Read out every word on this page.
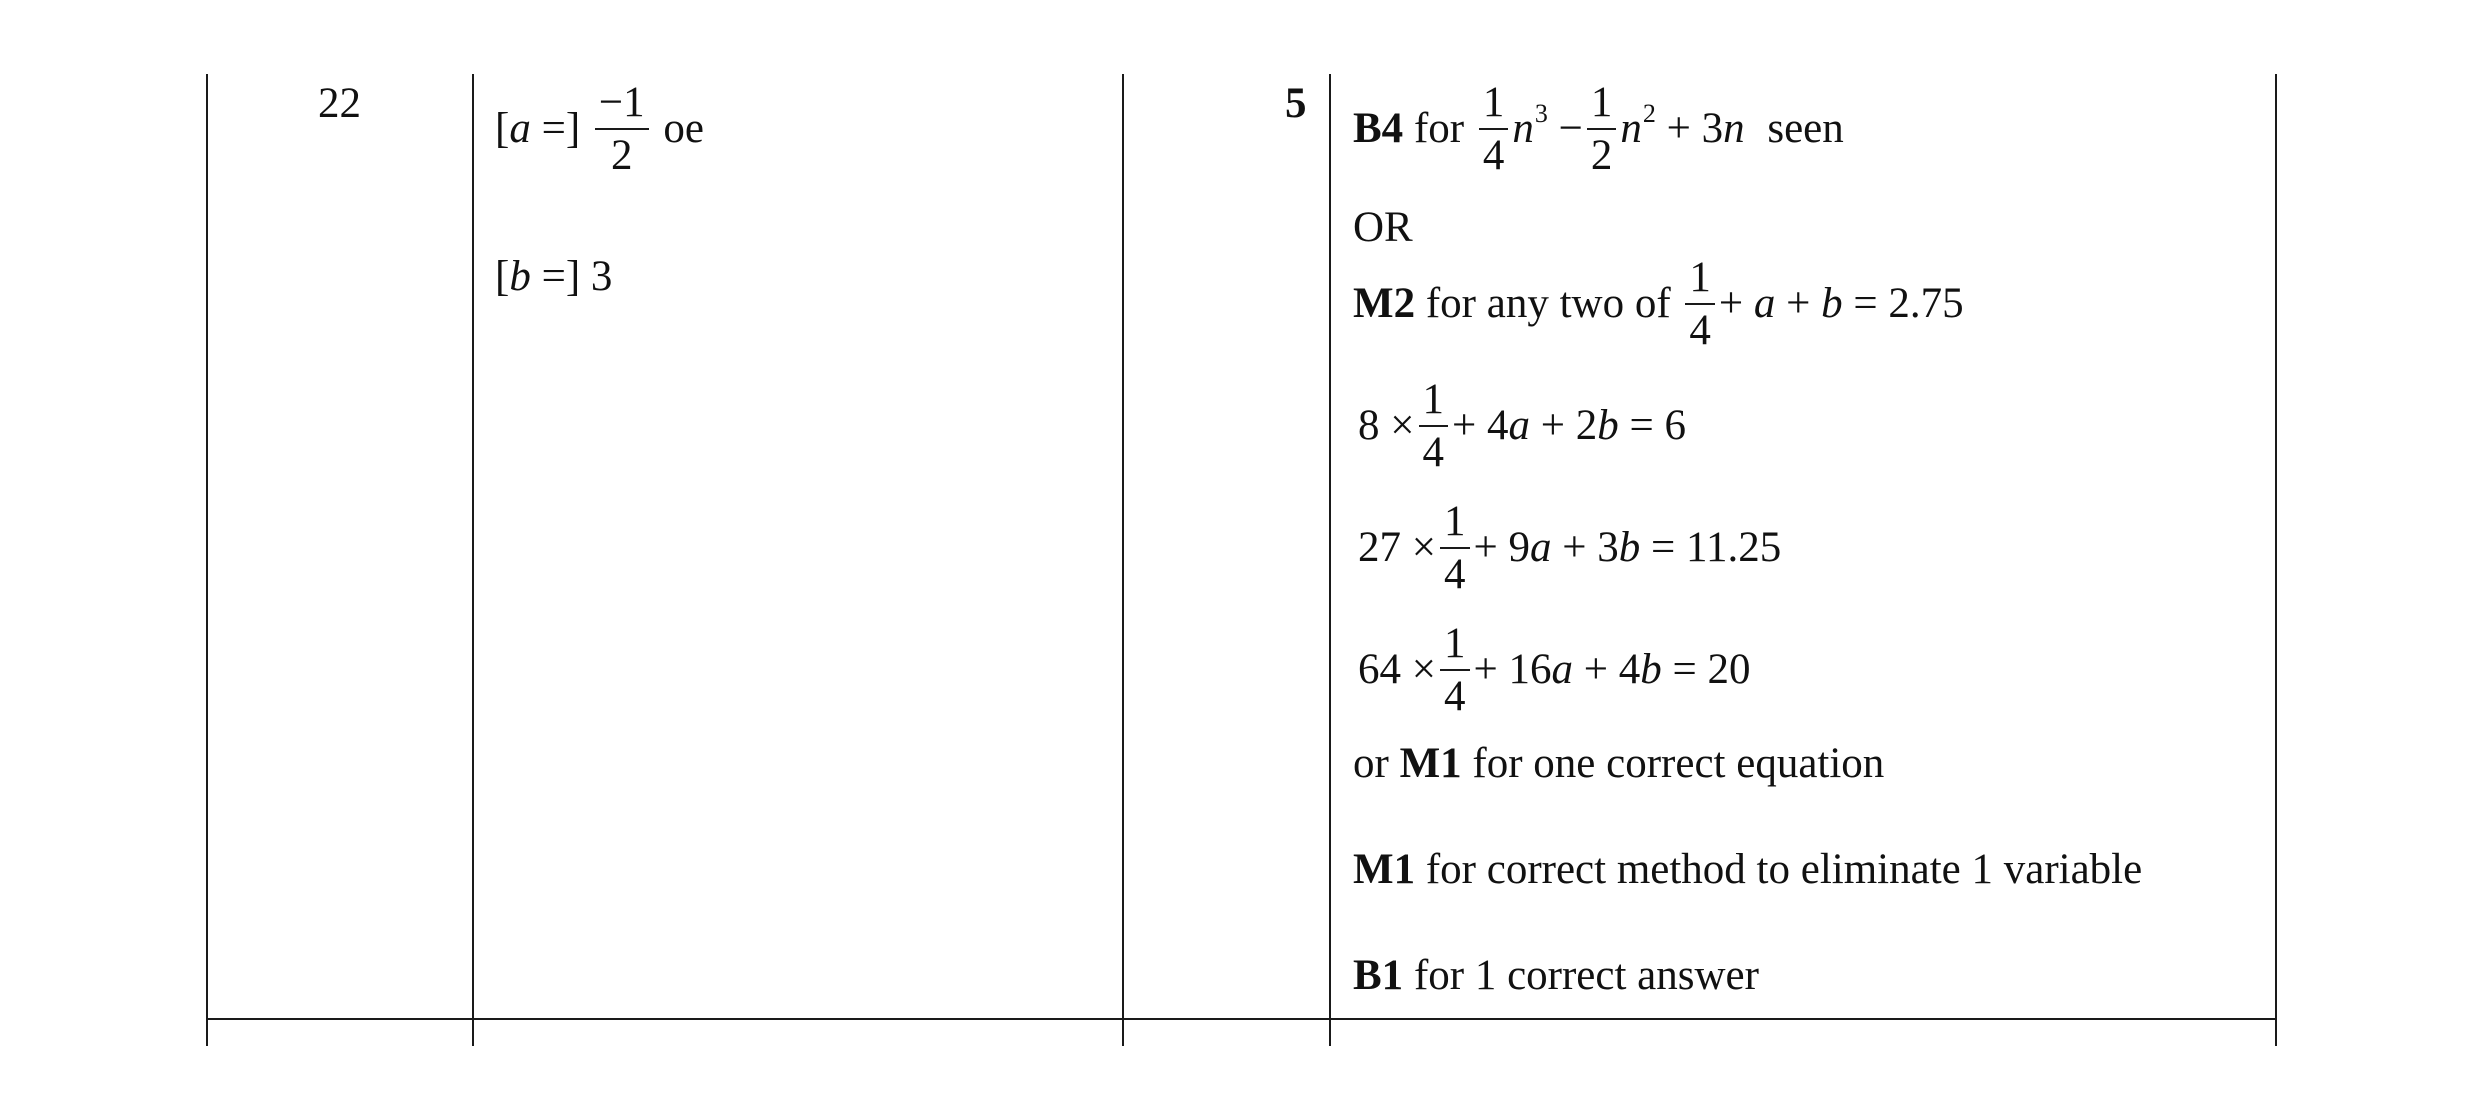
22
[a =] $\frac{-1}{2}$ oe
[b =] 3
5
B4 for $\frac{1}{4} n^3 - \frac{1}{2} n^2 + 3n$ seen
OR
M2 for any two of $\frac{1}{4} + a + b = 2.75$
$8 \times \frac{1}{4} + 4a + 2b = 6$
$27 \times \frac{1}{4} + 9a + 3b = 11.25$
$64 \times \frac{1}{4} + 16a + 4b = 20$
or M1 for one correct equation
M1 for correct method to eliminate 1 variable
B1 for 1 correct answer
